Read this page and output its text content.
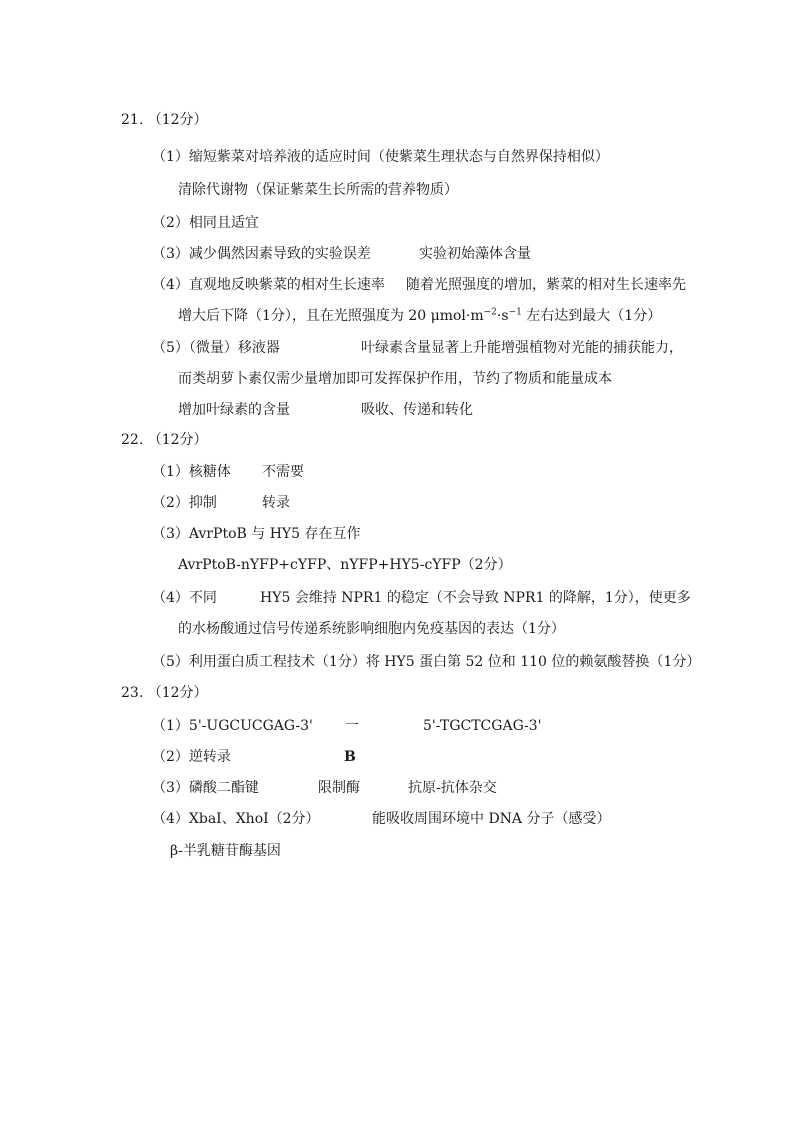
21. （12分）
（1）缩短紫菜对培养液的适应时间（使紫菜生理状态与自然界保持相似）
清除代谢物（保证紫菜生长所需的营养物质）
（2）相同且适宜
（3）减少偶然因素导致的实验误差	实验初始藻体含量
（4）直观地反映紫菜的相对生长速率 随着光照强度的增加，紫菜的相对生长速率先
增大后下降（1分），且在光照强度为 20 $\mu mol\cdot m^{-2}\cdot s^{-1}$ 左右达到最大（1分）
（5）（微量）移液器	叶绿素含量显著上升能增强植物对光能的捕获能力，
而类胡萝卜素仅需少量增加即可发挥保护作用，节约了物质和能量成本
增加叶绿素的含量	吸收、传递和转化
22. （12分）
（1）核糖体 不需要
（2）抑制	转录
（3）AvrPtoB 与 HY5 存在互作
AvrPtoB-nYFP+cYFP、nYFP+HY5-cYFP（2分）
（4）不同	HY5 会维持 NPR1 的稳定（不会导致 NPR1 的降解，1分），使更多
的水杨酸通过信号传递系统影响细胞内免疫基因的表达（1分）
（5）利用蛋白质工程技术（1分）将 HY5 蛋白第 52 位和 110 位的赖氨酸替换（1分）
23. （12分）
（1）5'-UGCUCGAG-3' 一	5'-TGCTCGAG-3'
（2）逆转录	B
（3）磷酸二酯键	限制酶	抗原-抗体杂交
（4）XbaⅠ、XhoⅠ（2分）	能吸收周围环境中 DNA 分子（感受）
β-半乳糖苷酶基因
